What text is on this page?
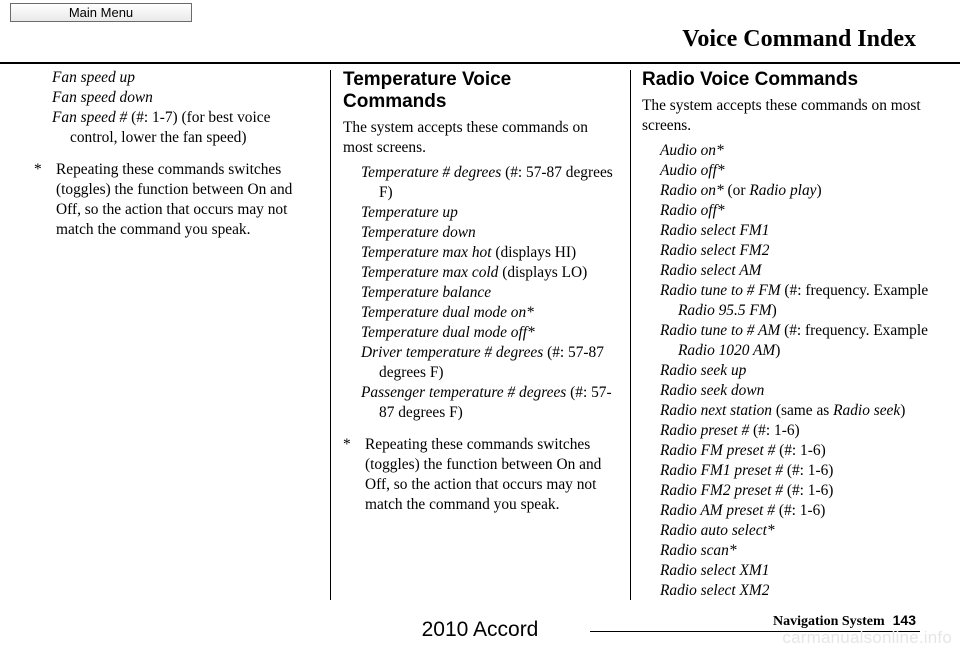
Main Menu
Voice Command Index
Fan speed up
Fan speed down
Fan speed # (#: 1-7) (for best voice control, lower the fan speed)
* Repeating these commands switches (toggles) the function between On and Off, so the action that occurs may not match the command you speak.
Temperature Voice Commands
The system accepts these commands on most screens.
Temperature # degrees (#: 57-87 degrees F)
Temperature up
Temperature down
Temperature max hot (displays HI)
Temperature max cold (displays LO)
Temperature balance
Temperature dual mode on*
Temperature dual mode off*
Driver temperature # degrees (#: 57-87 degrees F)
Passenger temperature # degrees (#: 57-87 degrees F)
* Repeating these commands switches (toggles) the function between On and Off, so the action that occurs may not match the command you speak.
Radio Voice Commands
The system accepts these commands on most screens.
Audio on*
Audio off*
Radio on* (or Radio play)
Radio off*
Radio select FM1
Radio select FM2
Radio select AM
Radio tune to # FM (#: frequency. Example Radio 95.5 FM)
Radio tune to # AM (#: frequency. Example Radio 1020 AM)
Radio seek up
Radio seek down
Radio next station (same as Radio seek)
Radio preset # (#: 1-6)
Radio FM preset # (#: 1-6)
Radio FM1 preset # (#: 1-6)
Radio FM2 preset # (#: 1-6)
Radio AM preset # (#: 1-6)
Radio auto select*
Radio scan*
Radio select XM1
Radio select XM2
Navigation System 143
2010 Accord	carmanualsonline.info
